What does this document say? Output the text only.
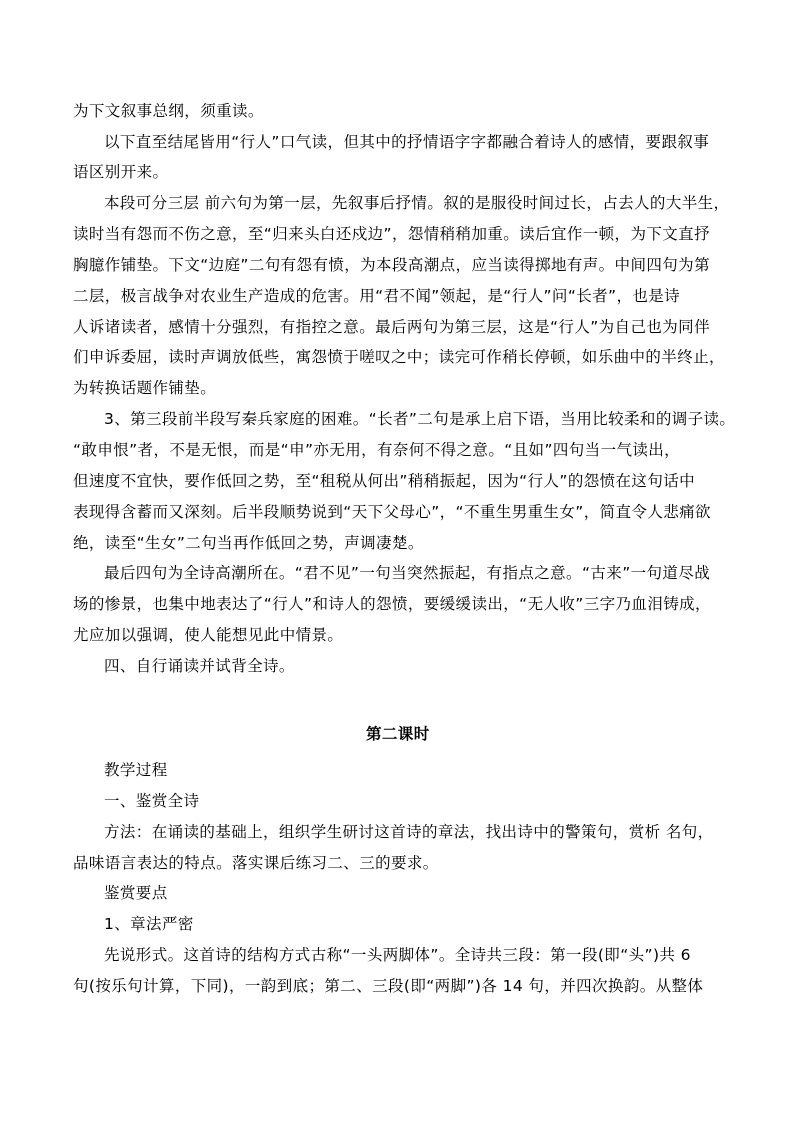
为下文叙事总纲，须重读。
以下直至结尾皆用“行人”口气读，但其中的抒情语字字都融合着诗人的感情，要跟叙事
语区别开来。
本段可分三层 前六句为第一层，先叙事后抒情。叙的是服役时间过长，占去人的大半生，
读时当有怨而不伤之意，至“归来头白还戍边”，怨情稍稍加重。读后宜作一顿，为下文直抒
胸臆作铺垫。下文“边庭”二句有怨有愤，为本段高潮点，应当读得掷地有声。中间四句为第
二层，极言战争对农业生产造成的危害。用“君不闻”领起，是“行人”问“长者”，也是诗
人诉诸读者，感情十分强烈，有指控之意。最后两句为第三层，这是“行人”为自己也为同伴
们申诉委屈，读时声调放低些，寓怨愤于嗟叹之中；读完可作稍长停顿，如乐曲中的半终止，
为转换话题作铺垫。
3、第三段前半段写秦兵家庭的困难。“长者”二句是承上启下语，当用比较柔和的调子读。
“敢申恨”者，不是无恨，而是“申”亦无用，有奈何不得之意。“且如”四句当一气读出，
但速度不宜快，要作低回之势，至“租税从何出”稍稍振起，因为“行人”的怨愤在这句话中
表现得含蓄而又深刻。后半段顺势说到“天下父母心”，“不重生男重生女”，简直令人悲痛欲
绝，读至“生女”二句当再作低回之势，声调凄楚。
最后四句为全诗高潮所在。“君不见”一句当突然振起，有指点之意。“古来”一句道尽战
场的惨景，也集中地表达了“行人”和诗人的怨愤，要缓缓读出，“无人收”三字乃血泪铸成，
尤应加以强调，使人能想见此中情景。
四、自行诵读并试背全诗。
第二课时
教学过程
一、鉴赏全诗
方法：在诵读的基础上，组织学生研讨这首诗的章法，找出诗中的警策句，赏析 名句，
品味语言表达的特点。落实课后练习二、三的要求。
鉴赏要点
1、章法严密
先说形式。这首诗的结构方式古称“一头两脚体”。全诗共三段：第一段(即“头”)共 6
句(按乐句计算，下同)，一韵到底；第二、三段(即“两脚”)各 14 句，并四次换韵。从整体
